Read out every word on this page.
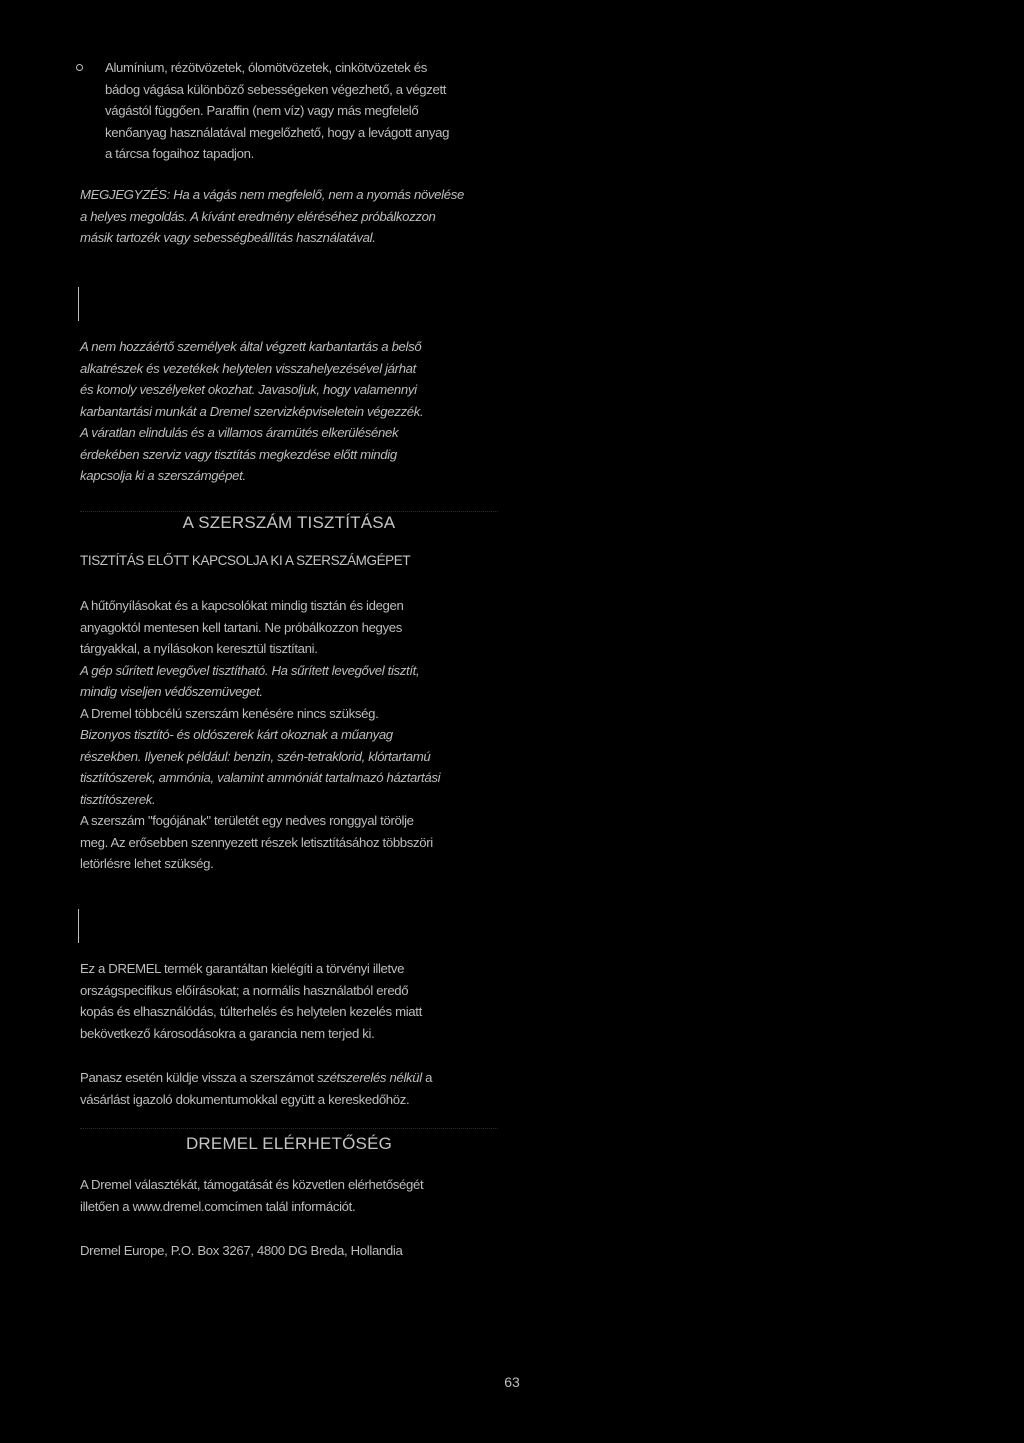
Alumínium, rézötvözetek, ólomötvözetek, cinkötvözetek és
bádog vágása különböző sebességeken végezhető, a végzett
vágástól függően. Paraffin (nem víz) vagy más megfelelő
kenőanyag használatával megelőzhető, hogy a levágott anyag
a tárcsa fogaihoz tapadjon.
MEGJEGYZÉS: Ha a vágás nem megfelelő, nem a nyomás növelése
a helyes megoldás. A kívánt eredmény eléréséhez próbálkozzon
másik tartozék vagy sebességbeállítás használatával.
A nem hozzáértő személyek által végzett karbantartás a belső
alkatrészek és vezetékek helytelen visszahelyezésével járhat
és komoly veszélyeket okozhat. Javasoljuk, hogy valamennyi
karbantartási munkát a Dremel szervizképviseletein végezzék.
A váratlan elindulás és a villamos áramütés elkerülésének
érdekében szerviz vagy tisztítás megkezdése előtt mindig
kapcsolja ki a szerszámgépet.
A SZERSZÁM TISZTÍTÁSA
TISZTÍTÁS ELŐTT KAPCSOLJA KI A SZERSZÁMGÉPET
A hűtőnyílásokat és a kapcsolókat mindig tisztán és idegen
anyagoktól mentesen kell tartani. Ne próbálkozzon hegyes
tárgyakkal, a nyílásokon keresztül tisztítani.
A gép sűrített levegővel tisztítható. Ha sűrített levegővel tisztít,
mindig viseljen védőszemüveget.
A Dremel többcélú szerszám kenésére nincs szükség.
Bizonyos tisztító- és oldószerek kárt okoznak a műanyag
részekben. Ilyenek például: benzin, szén-tetraklorid, klórtartamú
tisztítószerek, ammónia, valamint ammóniát tartalmazó háztartási
tisztítószerek.
A szerszám "fogójának" területét egy nedves ronggyal törölje
meg. Az erősebben szennyezett részek letisztításához többszöri
letörlésre lehet szükség.
Ez a DREMEL termék garantáltan kielégíti a törvényi illetve
országspecifikus előírásokat; a normális használatból eredő
kopás és elhasználódás, túlterhelés és helytelen kezelés miatt
bekövetkező károsodásokra a garancia nem terjed ki.
Panasz esetén küldje vissza a szerszámot szétszerelés nélkül a
vásárlást igazoló dokumentumokkal együtt a kereskedőhöz.
DREMEL ELÉRHETŐSÉG
A Dremel választékát, támogatását és közvetlen elérhetőségét
illetően a www.dremel.comcímen talál információt.
Dremel Europe, P.O. Box 3267, 4800 DG Breda, Hollandia
63
